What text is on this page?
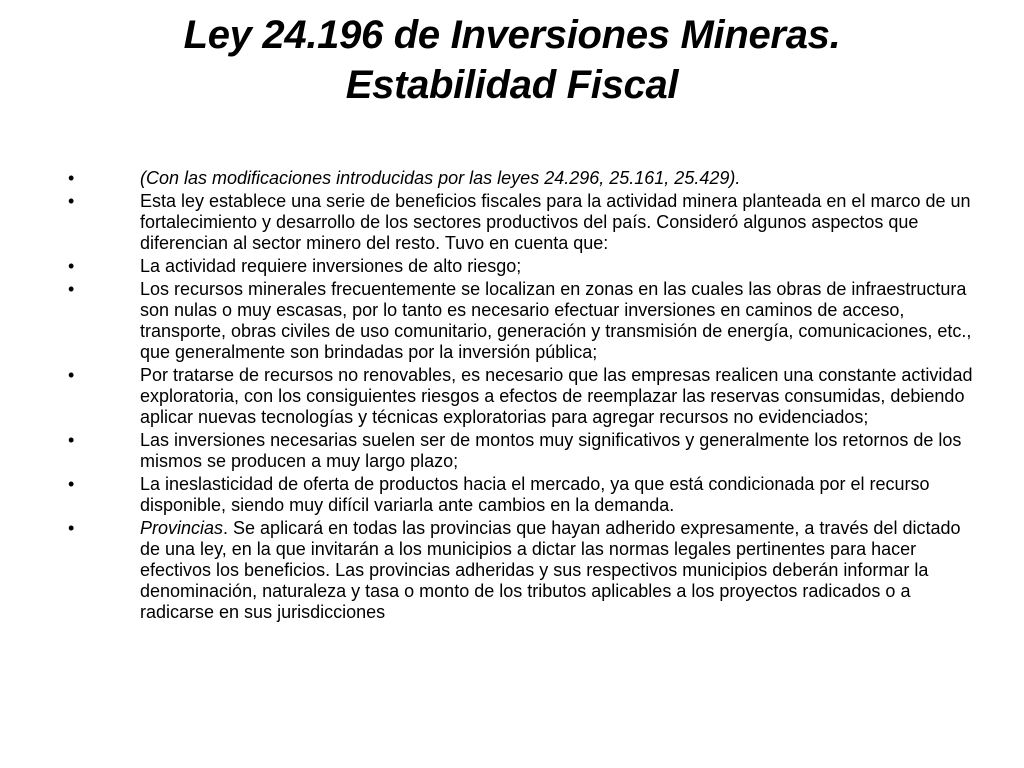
Ley 24.196 de Inversiones Mineras.
Estabilidad Fiscal
•	(Con las modificaciones introducidas por las leyes 24.296, 25.161, 25.429).
•	Esta ley establece una serie de beneficios fiscales para la actividad minera planteada en el marco de un fortalecimiento y desarrollo de los sectores productivos del país. Consideró algunos aspectos que diferencian al sector minero del resto. Tuvo en cuenta que:
•	La actividad requiere inversiones de alto riesgo;
•	Los recursos minerales frecuentemente se localizan en zonas en las cuales las obras de infraestructura son nulas o muy escasas, por lo tanto es necesario efectuar inversiones en caminos de acceso, transporte, obras civiles de uso comunitario, generación y transmisión de energía, comunicaciones, etc., que generalmente son brindadas por la inversión pública;
•	Por tratarse de recursos no renovables, es necesario que las empresas realicen una constante actividad exploratoria, con los consiguientes riesgos a efectos de reemplazar las reservas consumidas, debiendo aplicar nuevas tecnologías y técnicas exploratorias para agregar recursos no evidenciados;
•	Las inversiones necesarias suelen ser de montos muy significativos y generalmente los retornos de los mismos se producen a muy largo plazo;
•	La ineslasticidad de oferta de productos hacia el mercado, ya que está condicionada por el recurso disponible, siendo muy difícil variarla ante cambios en la demanda.
•	Provincias. Se aplicará en todas las provincias que hayan adherido expresamente, a través del dictado de una ley, en la que invitarán a los municipios a dictar las normas legales pertinentes para hacer efectivos los beneficios. Las provincias adheridas y sus respectivos municipios deberán informar la denominación, naturaleza y tasa o monto de los tributos aplicables a los proyectos radicados o a radicarse en sus jurisdicciones
